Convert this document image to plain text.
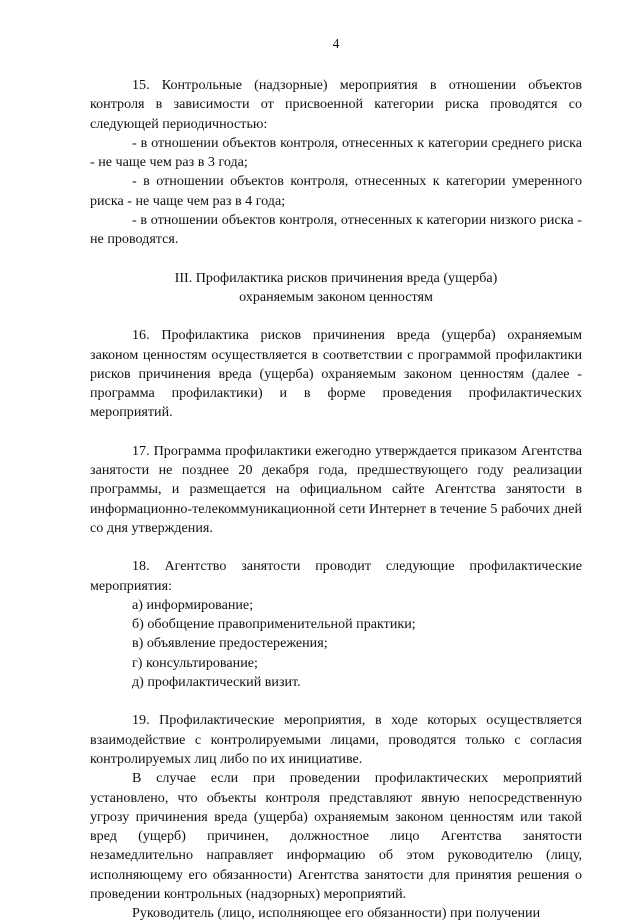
4

15. Контрольные (надзорные) мероприятия в отношении объектов контроля в зависимости от присвоенной категории риска проводятся со следующей периодичностью:

- в отношении объектов контроля, отнесенных к категории среднего риска - не чаще чем раз в 3 года;

- в отношении объектов контроля, отнесенных к категории умеренного риска - не чаще чем раз в 4 года;

- в отношении объектов контроля, отнесенных к категории низкого риска - не проводятся.

III. Профилактика рисков причинения вреда (ущерба)

охраняемым законом ценностям

16. Профилактика рисков причинения вреда (ущерба) охраняемым законом ценностям осуществляется в соответствии с программой профилактики рисков причинения вреда (ущерба) охраняемым законом ценностям (далее - программа профилактики) и в форме проведения профилактических мероприятий.

17. Программа профилактики ежегодно утверждается приказом Агентства занятости не позднее 20 декабря года, предшествующего году реализации программы, и размещается на официальном сайте Агентства занятости в информационно-телекоммуникационной сети Интернет в течение 5 рабочих дней со дня утверждения.

18. Агентство занятости проводит следующие профилактические мероприятия:

а) информирование;

б) обобщение правоприменительной практики;

в) объявление предостережения;

г) консультирование;

д) профилактический визит.

19. Профилактические мероприятия, в ходе которых осуществляется взаимодействие с контролируемыми лицами, проводятся только с согласия контролируемых лиц либо по их инициативе.

В случае если при проведении профилактических мероприятий установлено, что объекты контроля представляют явную непосредственную угрозу причинения вреда (ущерба) охраняемым законом ценностям или такой вред (ущерб) причинен, должностное лицо Агентства занятости незамедлительно направляет информацию об этом руководителю (лицу, исполняющему его обязанности) Агентства занятости для принятия решения о проведении контрольных (надзорных) мероприятий.

Руководитель (лицо, исполняющее его обязанности) при получении
